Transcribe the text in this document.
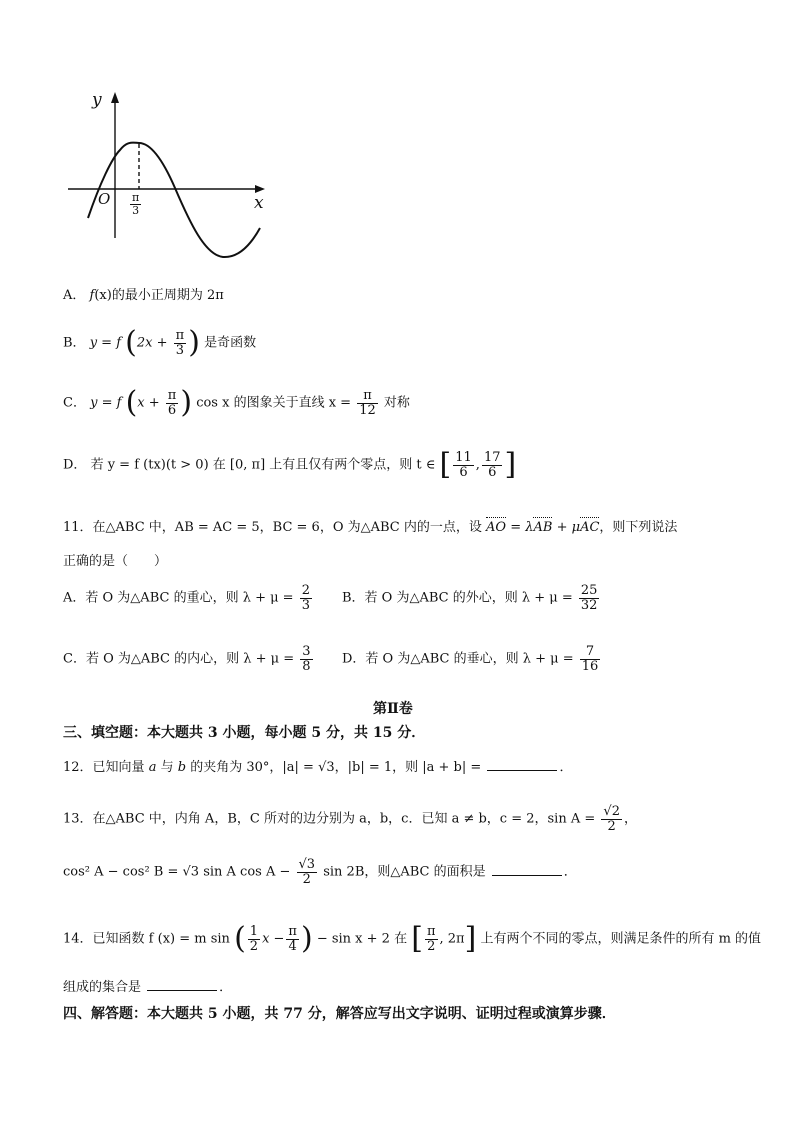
y
x
O $\frac{\pi}{3}$
A． f(x)的最小正周期为 2π
B． y = f ($2x + \frac{\pi}{3}$ ) 是奇函数
C． y = f ($x + \frac{\pi}{6}$ ) cos x 的图象关于直线 $x = \frac{\pi}{12}$ 对称
D． 若 y = f (tx)(t > 0) 在 [0, π] 上有且仅有两个零点，则 t ∈ [ $\frac{11}{6}$ , $\frac{17}{6}$ ]
11．在△ABC 中，AB = AC = 5，BC = 6，O 为△ABC 内的一点，设 AO = λAB + μAC，则下列说法
正确的是（　　）
A．若 O 为△ABC 的重心，则 $\lambda + \mu = \frac{2}{3}$ B．若 O 为△ABC 的外心，则 $\lambda + \mu = \frac{25}{32}$
C．若 O 为△ABC 的内心，则 $\lambda + \mu = \frac{3}{8}$ D．若 O 为△ABC 的垂心，则 $\lambda + \mu = \frac{7}{16}$
第Ⅱ卷
三、填空题：本大题共 3 小题，每小题 5 分，共 15 分．
12．已知向量 a 与 b 的夹角为 30°，|a| = √3，|b| = 1，则 |a + b| =	．
13．在△ABC 中，内角 A，B，C 所对的边分别为 a，b，c．已知 a ≠ b，c = 2，$\sin A = \frac{√2}{2}$ ，
cos² A − cos² B = √3 sin A $\cos A - \frac{√3}{2}$ sin 2B，则△ABC 的面积是	．
14．已知函数 f (x) = m sin ( $\frac{1}{2}$ $x - \frac{\pi}{4}$ ) − sin x + 2 在 [ $\frac{\pi}{2}$ , 2π] 上有两个不同的零点，则满足条件的所有 m 的值
组成的集合是	．
四、解答题：本大题共 5 小题，共 77 分，解答应写出文字说明、证明过程或演算步骤．
